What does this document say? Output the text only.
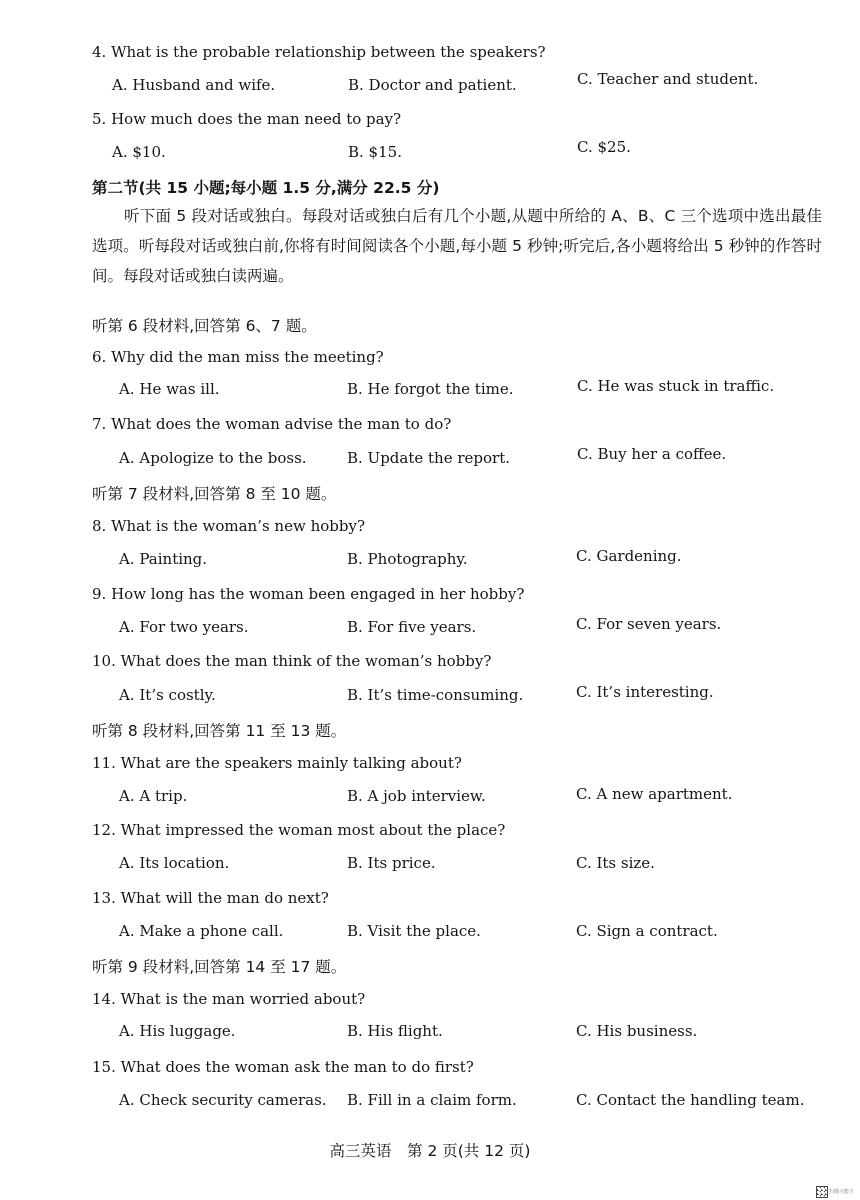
4. What is the probable relationship between the speakers?
A. Husband and wife.	B. Doctor and patient.	C. Teacher and student.
5. How much does the man need to pay?
A. $10.	B. $15.	C. $25.
第二节(共 15 小题;每小题 1.5 分,满分 22.5 分)
听下面 5 段对话或独白。每段对话或独白后有几个小题,从题中所给的 A、B、C 三个选项中选出最佳选项。听每段对话或独白前,你将有时间阅读各个小题,每小题 5 秒钟;听完后,各小题将给出 5 秒钟的作答时间。每段对话或独白读两遍。
听第 6 段材料,回答第 6、7 题。
6. Why did the man miss the meeting?
A. He was ill.	B. He forgot the time.	C. He was stuck in traffic.
7. What does the woman advise the man to do?
A. Apologize to the boss.	B. Update the report.	C. Buy her a coffee.
听第 7 段材料,回答第 8 至 10 题。
8. What is the woman’s new hobby?
A. Painting.	B. Photography.	C. Gardening.
9. How long has the woman been engaged in her hobby?
A. For two years.	B. For five years.	C. For seven years.
10. What does the man think of the woman’s hobby?
A. It’s costly.	B. It’s time-consuming.	C. It’s interesting.
听第 8 段材料,回答第 11 至 13 题。
11. What are the speakers mainly talking about?
A. A trip.	B. A job interview.	C. A new apartment.
12. What impressed the woman most about the place?
A. Its location.	B. Its price.	C. Its size.
13. What will the man do next?
A. Make a phone call.	B. Visit the place.	C. Sign a contract.
听第 9 段材料,回答第 14 至 17 题。
14. What is the man worried about?
A. His luggage.	B. His flight.	C. His business.
15. What does the woman ask the man to do first?
A. Check security cameras. B. Fill in a claim form.	C. Contact the handling team.
高三英语　第 2 页(共 12 页)
扫描全能王
